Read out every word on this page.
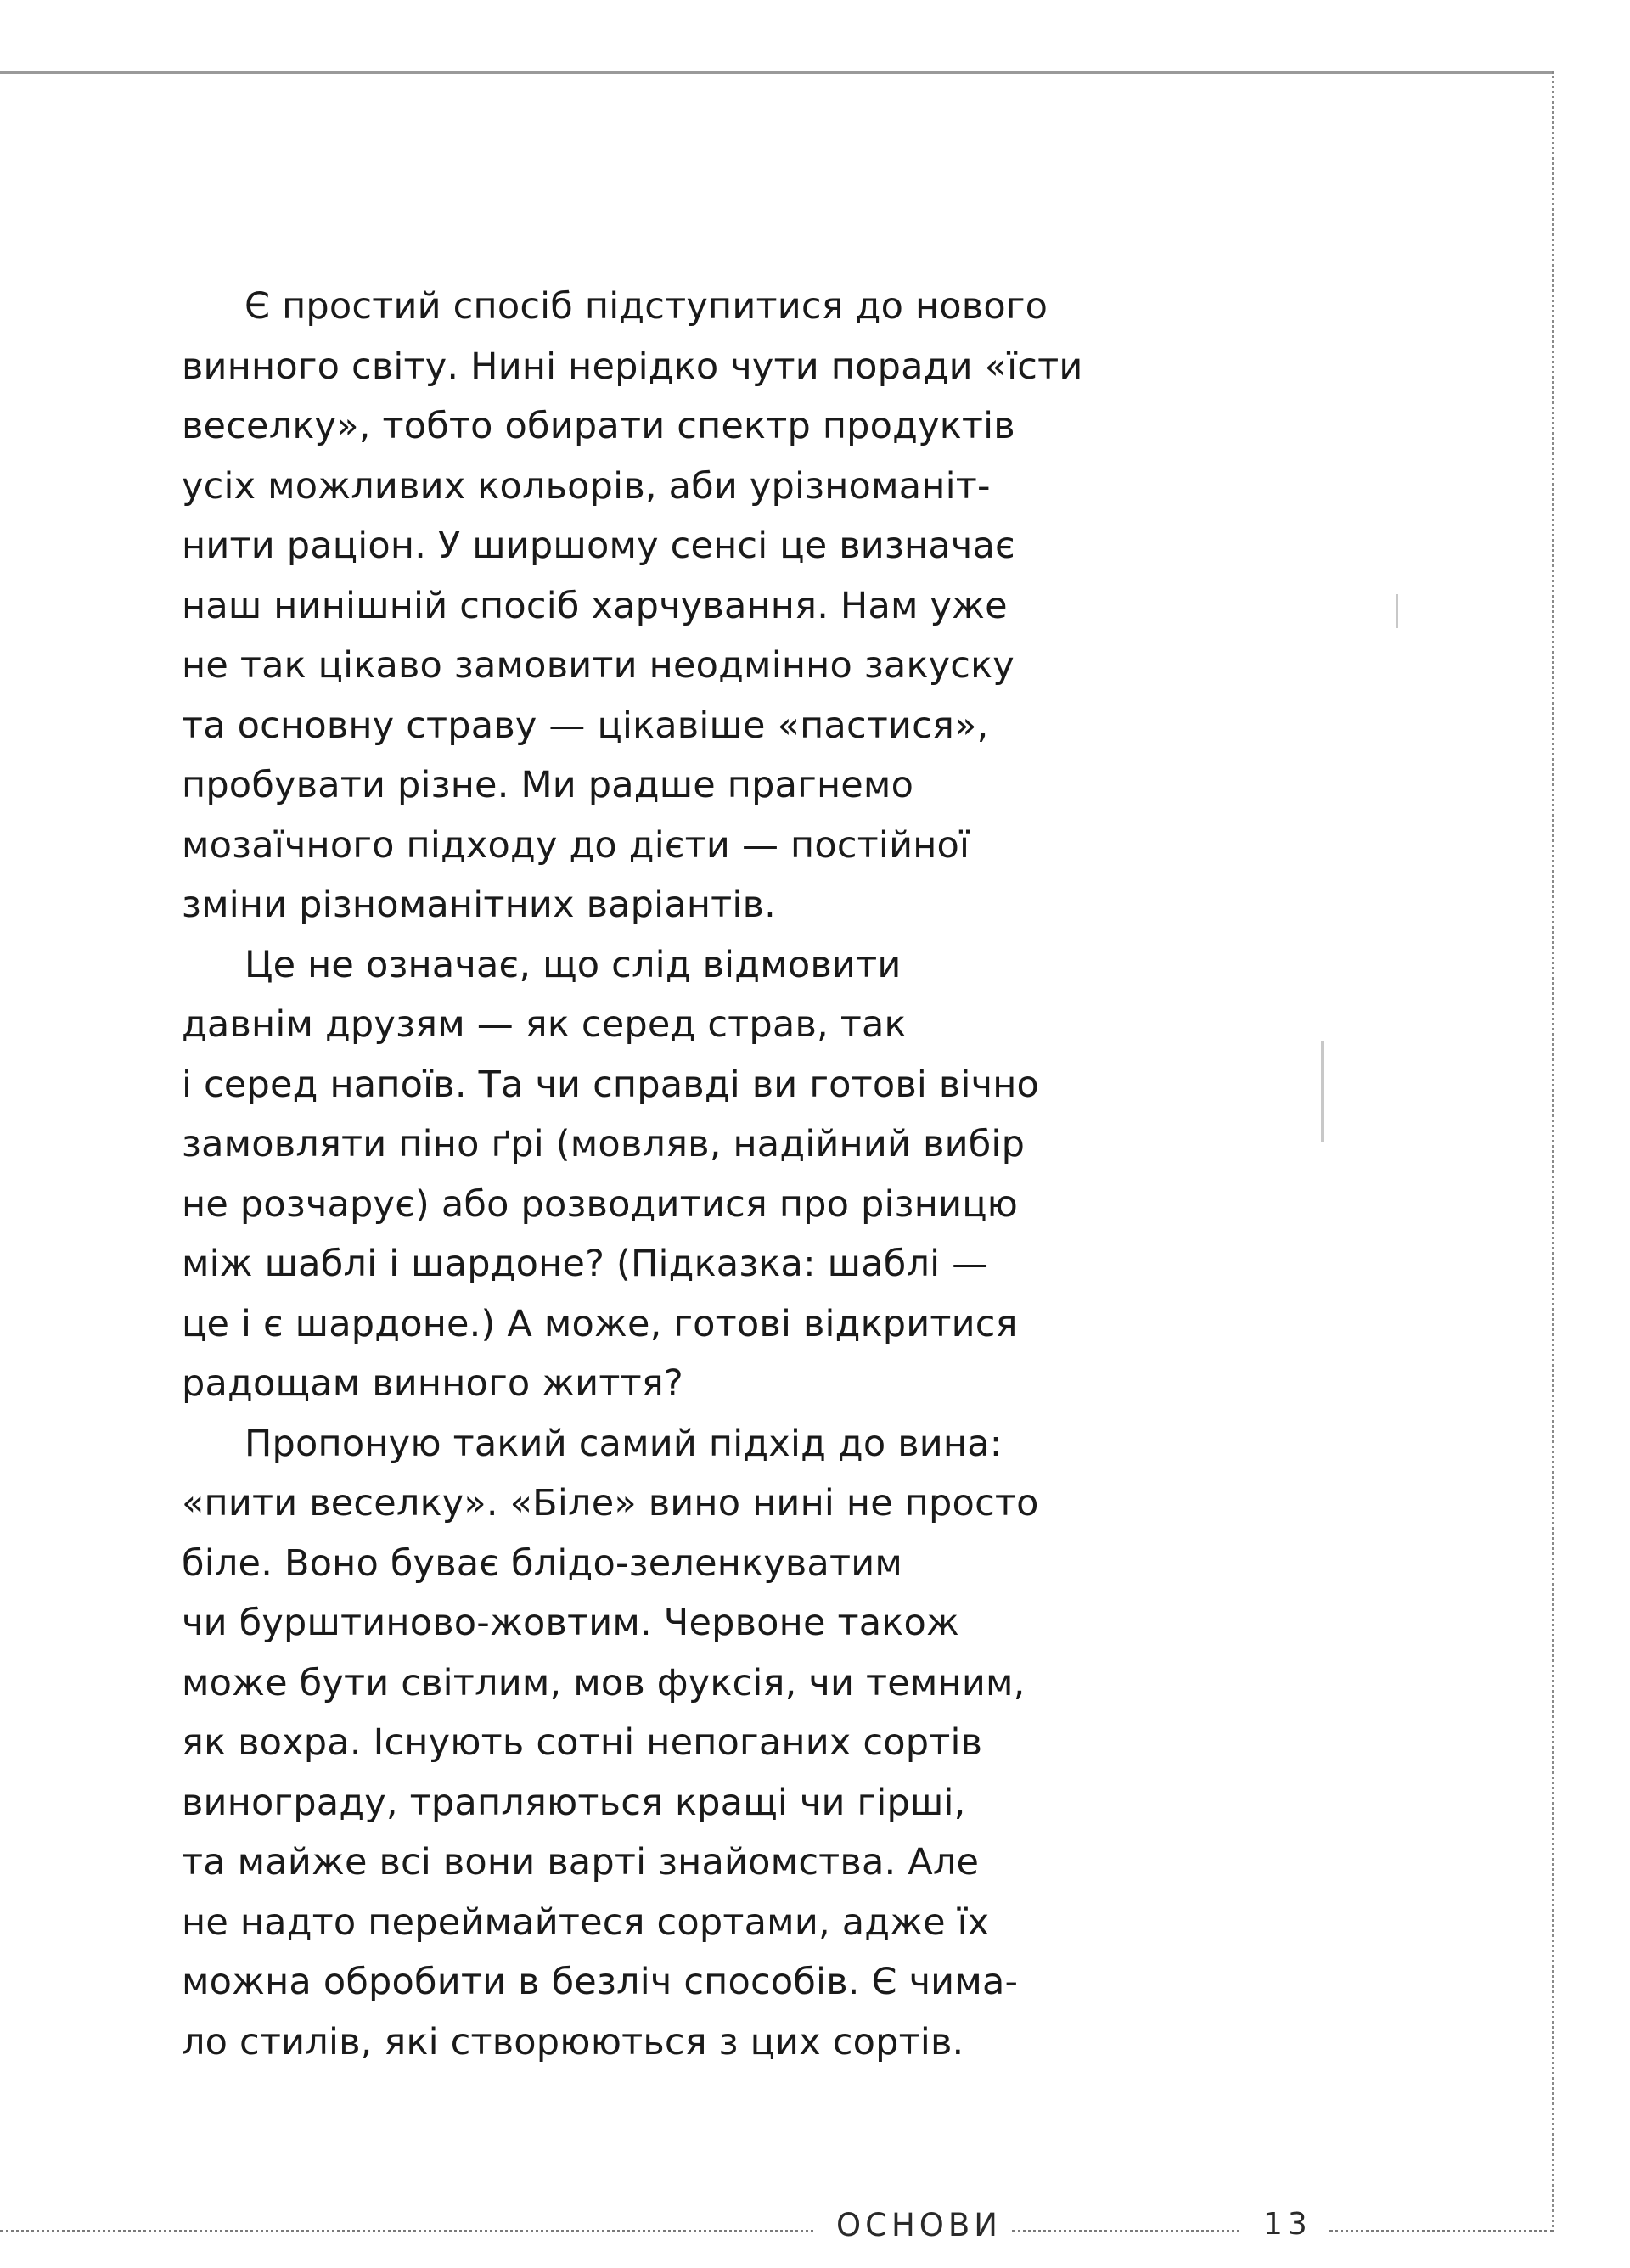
Є простий спосіб підступитися до нового
винного світу. Нині нерідко чути поради «їсти
веселку», тобто обирати спектр продуктів
усіх можливих кольорів, аби урізноманіт-
нити раціон. У ширшому сенсі це визначає
наш нинішній спосіб харчування. Нам уже
не так цікаво замовити неодмінно закуску
та основну страву — цікавіше «пастися»,
пробувати різне. Ми радше прагнемо
мозаїчного підходу до дієти — постійної
зміни різноманітних варіантів.

Це не означає, що слід відмовити
давнім друзям — як серед страв, так
і серед напоїв. Та чи справді ви готові вічно
замовляти піно ґрі (мовляв, надійний вибір
не розчарує) або розводитися про різницю
між шаблі і шардоне? (Підказка: шаблі —
це і є шардоне.) А може, готові відкритися
радощам винного життя?

Пропоную такий самий підхід до вина:
«пити веселку». «Біле» вино нині не просто
біле. Воно буває блідо-зеленкуватим
чи бурштиново-жовтим. Червоне також
може бути світлим, мов фуксія, чи темним,
як вохра. Існують сотні непоганих сортів
винограду, трапляються кращі чи гірші,
та майже всі вони варті знайомства. Але
не надто переймайтеся сортами, адже їх
можна обробити в безліч способів. Є чима-
ло стилів, які створюються з цих сортів.

ОСНОВИ	13
